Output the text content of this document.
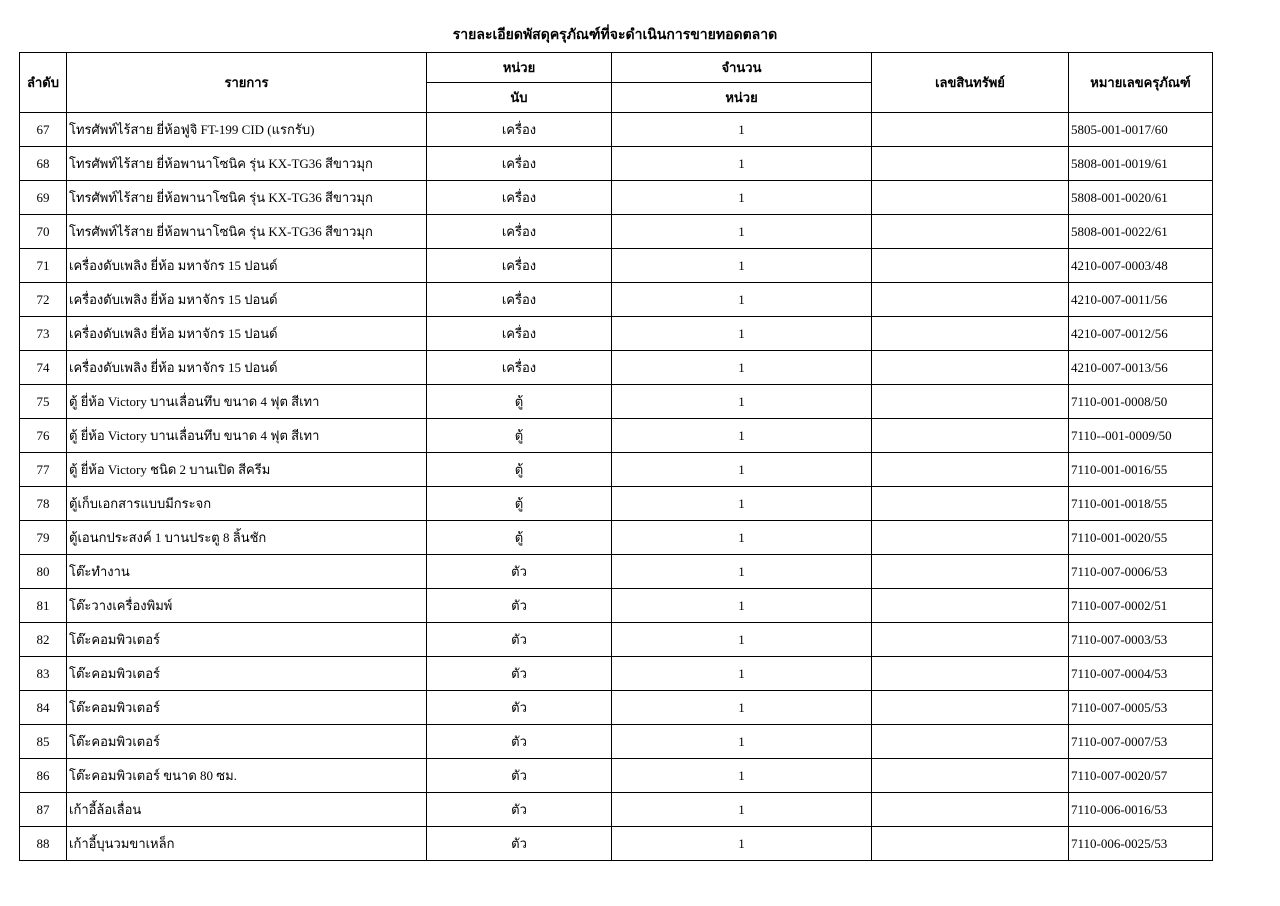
รายละเอียดพัสดุครุภัณฑ์ที่จะดำเนินการขายทอดตลาด
ลำดับ	รายการ	หน่วย	จำนวน	เลขสินทรัพย์	หมายเลขครุภัณฑ์
		นับ	หน่วย		
67	โทรศัพท์ไร้สาย ยี่ห้อฟูจิ FT-199 CID (แรกรับ)	เครื่อง	1		5805-001-0017/60
68	โทรศัพท์ไร้สาย ยี่ห้อพานาโซนิค รุ่น KX-TG36 สีขาวมุก	เครื่อง	1		5808-001-0019/61
69	โทรศัพท์ไร้สาย ยี่ห้อพานาโซนิค รุ่น KX-TG36 สีขาวมุก	เครื่อง	1		5808-001-0020/61
70	โทรศัพท์ไร้สาย ยี่ห้อพานาโซนิค รุ่น KX-TG36 สีขาวมุก	เครื่อง	1		5808-001-0022/61
71	เครื่องดับเพลิง ยี่ห้อ มหาจักร 15 ปอนด์	เครื่อง	1		4210-007-0003/48
72	เครื่องดับเพลิง ยี่ห้อ มหาจักร 15 ปอนด์	เครื่อง	1		4210-007-0011/56
73	เครื่องดับเพลิง ยี่ห้อ มหาจักร 15 ปอนด์	เครื่อง	1		4210-007-0012/56
74	เครื่องดับเพลิง ยี่ห้อ มหาจักร 15 ปอนด์	เครื่อง	1		4210-007-0013/56
75	ตู้ ยี่ห้อ Victory บานเลื่อนทึบ ขนาด 4 ฟุต สีเทา	ตู้	1		7110-001-0008/50
76	ตู้ ยี่ห้อ Victory บานเลื่อนทึบ ขนาด 4 ฟุต สีเทา	ตู้	1		7110--001-0009/50
77	ตู้ ยี่ห้อ Victory ชนิด 2 บานเปิด สีครีม	ตู้	1		7110-001-0016/55
78	ตู้เก็บเอกสารแบบมีกระจก	ตู้	1		7110-001-0018/55
79	ตู้เอนกประสงค์ 1 บานประตู 8 ลิ้นชัก	ตู้	1		7110-001-0020/55
80	โต๊ะทำงาน	ตัว	1		7110-007-0006/53
81	โต๊ะวางเครื่องพิมพ์	ตัว	1		7110-007-0002/51
82	โต๊ะคอมพิวเตอร์	ตัว	1		7110-007-0003/53
83	โต๊ะคอมพิวเตอร์	ตัว	1		7110-007-0004/53
84	โต๊ะคอมพิวเตอร์	ตัว	1		7110-007-0005/53
85	โต๊ะคอมพิวเตอร์	ตัว	1		7110-007-0007/53
86	โต๊ะคอมพิวเตอร์ ขนาด 80 ซม.	ตัว	1		7110-007-0020/57
87	เก้าอี้ล้อเลื่อน	ตัว	1		7110-006-0016/53
88	เก้าอี้บุนวมขาเหล็ก	ตัว	1		7110-006-0025/53
